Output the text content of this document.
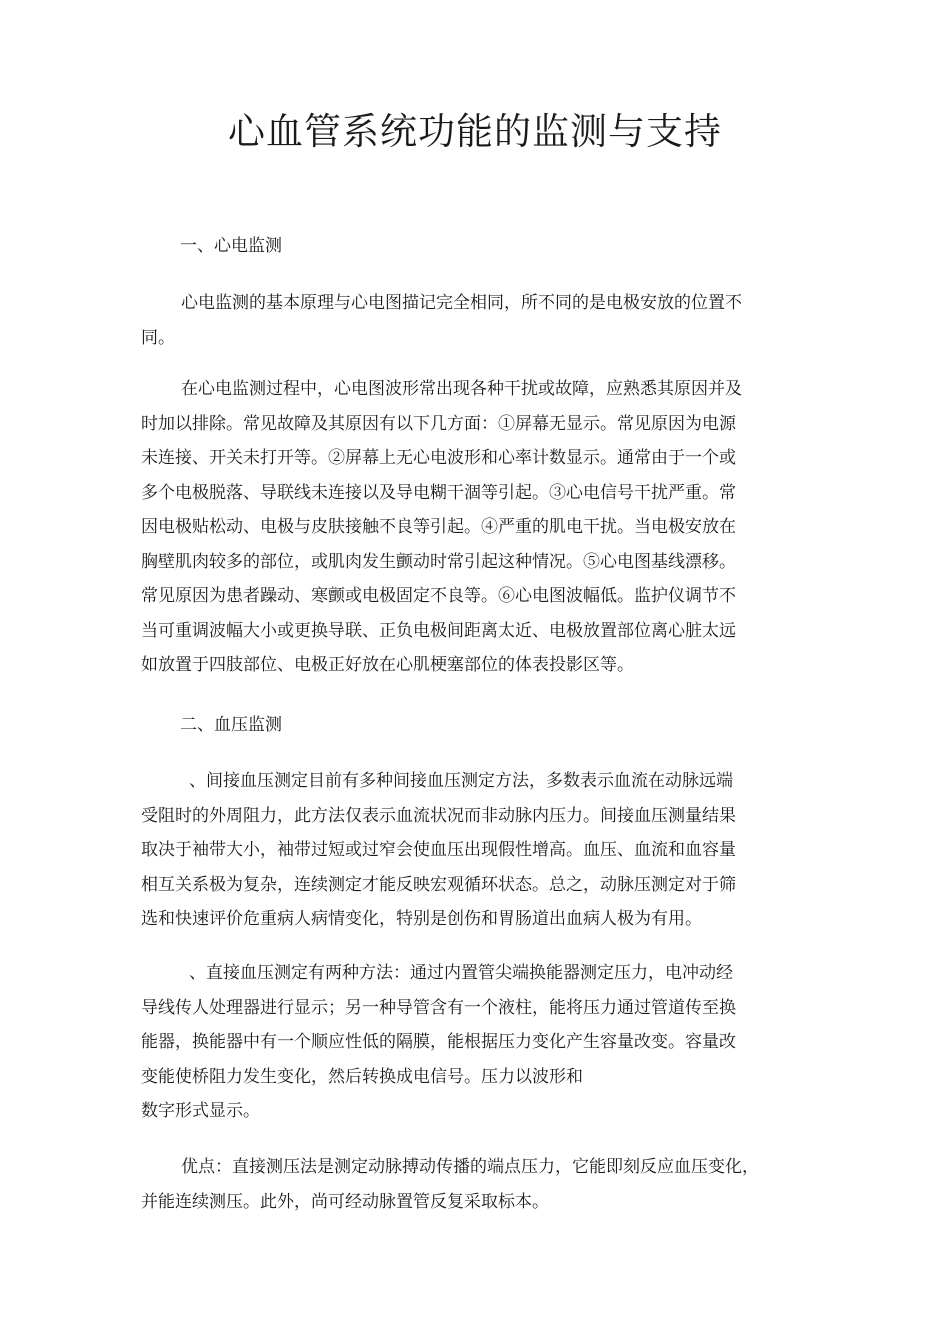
心血管系统功能的监测与支持

一、心电监测

心电监测的基本原理与心电图描记完全相同，所不同的是电极安放的位置不
同。

在心电监测过程中，心电图波形常出现各种干扰或故障，应熟悉其原因并及
时加以排除。常见故障及其原因有以下几方面：①屏幕无显示。常见原因为电源
未连接、开关未打开等。②屏幕上无心电波形和心率计数显示。通常由于一个或
多个电极脱落、导联线未连接以及导电糊干涸等引起。③心电信号干扰严重。常
因电极贴松动、电极与皮肤接触不良等引起。④严重的肌电干扰。当电极安放在
胸壁肌肉较多的部位，或肌肉发生颤动时常引起这种情况。⑤心电图基线漂移。
常见原因为患者躁动、寒颤或电极固定不良等。⑥心电图波幅低。监护仪调节不
当可重调波幅大小或更换导联、正负电极间距离太近、电极放置部位离心脏太远
如放置于四肢部位、电极正好放在心肌梗塞部位的体表投影区等。

二、血压监测

、间接血压测定目前有多种间接血压测定方法，多数表示血流在动脉远端
受阻时的外周阻力，此方法仅表示血流状况而非动脉内压力。间接血压测量结果
取决于袖带大小，袖带过短或过窄会使血压出现假性增高。血压、血流和血容量
相互关系极为复杂，连续测定才能反映宏观循环状态。总之，动脉压测定对于筛
选和快速评价危重病人病情变化，特别是创伤和胃肠道出血病人极为有用。

、直接血压测定有两种方法：通过内置管尖端换能器测定压力，电冲动经
导线传人处理器进行显示；另一种导管含有一个液柱，能将压力通过管道传至换
能器，换能器中有一个顺应性低的隔膜，能根据压力变化产生容量改变。容量改
变能使桥阻力发生变化，然后转换成电信号。压力以波形和
数字形式显示。

优点：直接测压法是测定动脉搏动传播的端点压力，它能即刻反应血压变化，
并能连续测压。此外，尚可经动脉置管反复采取标本。
